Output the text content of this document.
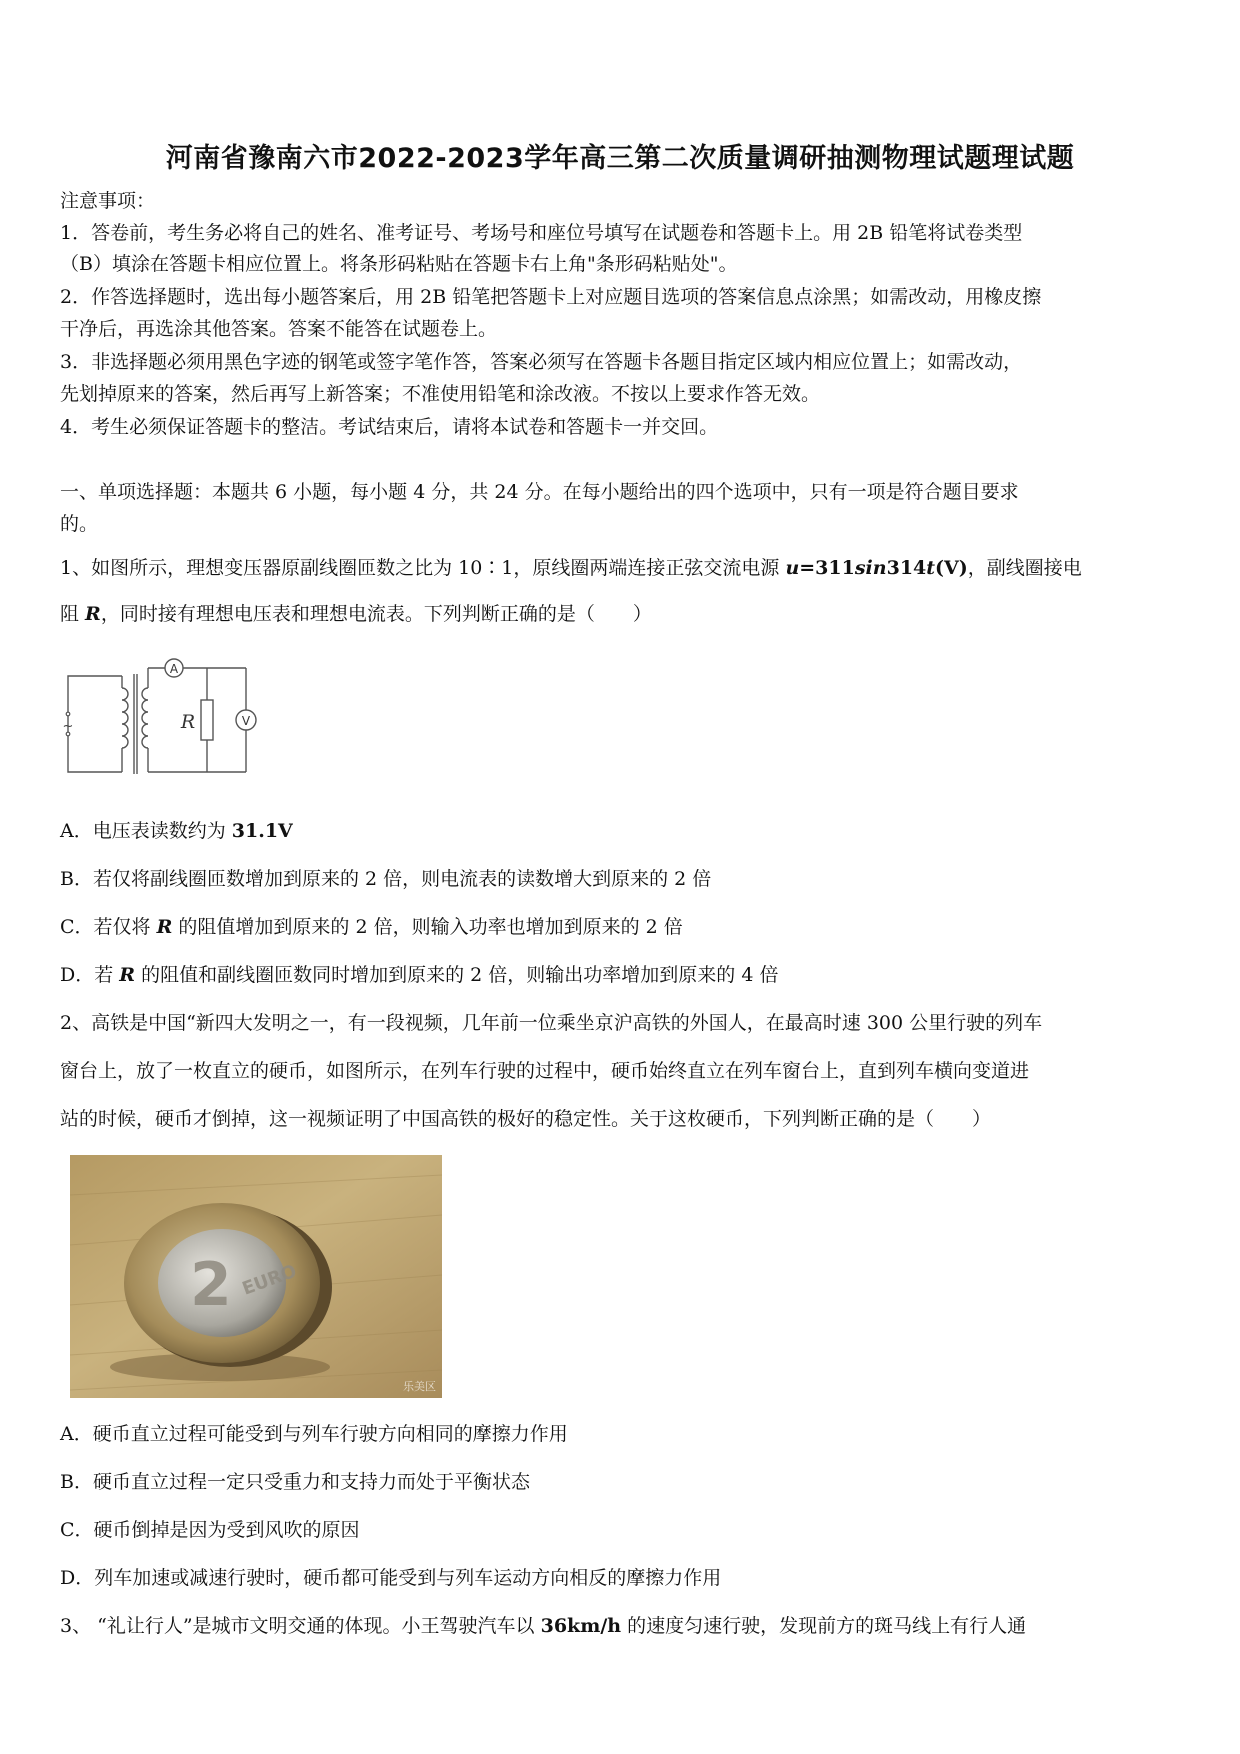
河南省豫南六市2022-2023学年高三第二次质量调研抽测物理试题理试题
注意事项：
1．答卷前，考生务必将自己的姓名、准考证号、考场号和座位号填写在试题卷和答题卡上。用 2B 铅笔将试卷类型
（B）填涂在答题卡相应位置上。将条形码粘贴在答题卡右上角"条形码粘贴处"。
2．作答选择题时，选出每小题答案后，用 2B 铅笔把答题卡上对应题目选项的答案信息点涂黑；如需改动，用橡皮擦
干净后，再选涂其他答案。答案不能答在试题卷上。
3．非选择题必须用黑色字迹的钢笔或签字笔作答，答案必须写在答题卡各题目指定区域内相应位置上；如需改动，
先划掉原来的答案，然后再写上新答案；不准使用铅笔和涂改液。不按以上要求作答无效。
4．考生必须保证答题卡的整洁。考试结束后，请将本试卷和答题卡一并交回。
一、单项选择题：本题共 6 小题，每小题 4 分，共 24 分。在每小题给出的四个选项中，只有一项是符合题目要求
的。
1、如图所示，理想变压器原副线圈匝数之比为 10∶1，原线圈两端连接正弦交流电源 u=311sin314t(V)，副线圈接电
阻 R，同时接有理想电压表和理想电流表。下列判断正确的是（　　）
A
V
R
~
A．电压表读数约为 31.1V
B．若仅将副线圈匝数增加到原来的 2 倍，则电流表的读数增大到原来的 2 倍
C．若仅将 R 的阻值增加到原来的 2 倍，则输入功率也增加到原来的 2 倍
D．若 R 的阻值和副线圈匝数同时增加到原来的 2 倍，则输出功率增加到原来的 4 倍
2、高铁是中国“新四大发明之一，有一段视频，几年前一位乘坐京沪高铁的外国人，在最高时速 300 公里行驶的列车
窗台上，放了一枚直立的硬币，如图所示，在列车行驶的过程中，硬币始终直立在列车窗台上，直到列车横向变道进
站的时候，硬币才倒掉，这一视频证明了中国高铁的极好的稳定性。关于这枚硬币，下列判断正确的是（　　）
2 EURO
乐美区
A．硬币直立过程可能受到与列车行驶方向相同的摩擦力作用
B．硬币直立过程一定只受重力和支持力而处于平衡状态
C．硬币倒掉是因为受到风吹的原因
D．列车加速或减速行驶时，硬币都可能受到与列车运动方向相反的摩擦力作用
3、 “礼让行人”是城市文明交通的体现。小王驾驶汽车以 36km/h 的速度匀速行驶，发现前方的斑马线上有行人通
